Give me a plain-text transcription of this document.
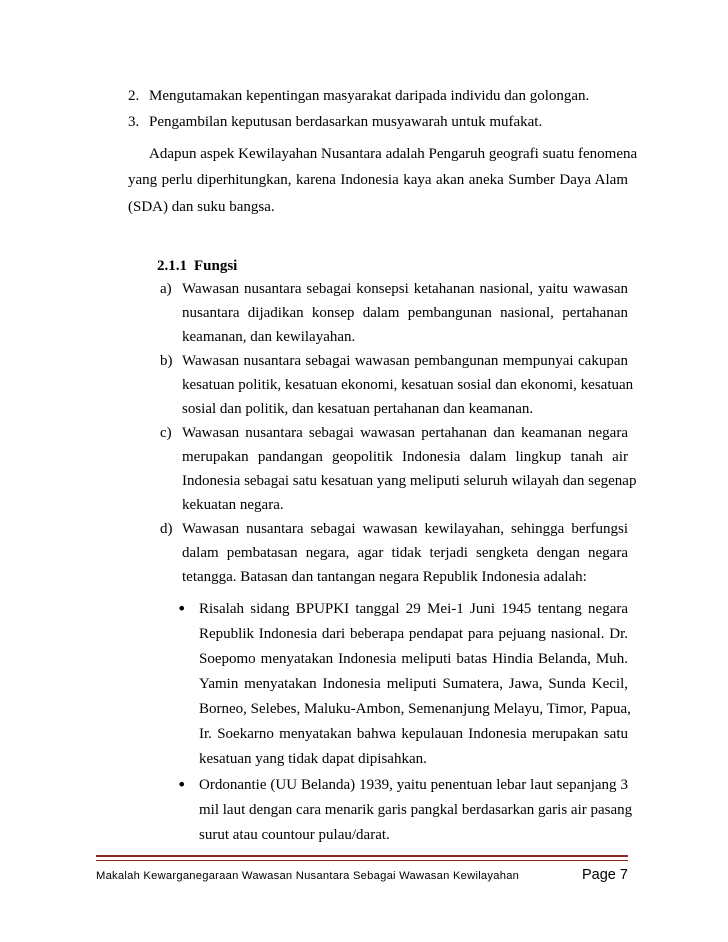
2. Mengutamakan kepentingan masyarakat daripada individu dan golongan.
3. Pengambilan keputusan berdasarkan musyawarah untuk mufakat.
Adapun aspek Kewilayahan Nusantara adalah Pengaruh geografi suatu fenomena
yang perlu diperhitungkan, karena Indonesia kaya akan aneka Sumber Daya Alam
(SDA) dan suku bangsa.
2.1.1 Fungsi
a) Wawasan nusantara sebagai konsepsi ketahanan nasional, yaitu wawasan
nusantara dijadikan konsep dalam pembangunan nasional, pertahanan
keamanan, dan kewilayahan.
b) Wawasan nusantara sebagai wawasan pembangunan mempunyai cakupan
kesatuan politik, kesatuan ekonomi, kesatuan sosial dan ekonomi, kesatuan
sosial dan politik, dan kesatuan pertahanan dan keamanan.
c) Wawasan nusantara sebagai wawasan pertahanan dan keamanan negara
merupakan pandangan geopolitik Indonesia dalam lingkup tanah air
Indonesia sebagai satu kesatuan yang meliputi seluruh wilayah dan segenap
kekuatan negara.
d) Wawasan nusantara sebagai wawasan kewilayahan, sehingga berfungsi
dalam pembatasan negara, agar tidak terjadi sengketa dengan negara
tetangga. Batasan dan tantangan negara Republik Indonesia adalah:
• Risalah sidang BPUPKI tanggal 29 Mei-1 Juni 1945 tentang negara
Republik Indonesia dari beberapa pendapat para pejuang nasional. Dr.
Soepomo menyatakan Indonesia meliputi batas Hindia Belanda, Muh.
Yamin menyatakan Indonesia meliputi Sumatera, Jawa, Sunda Kecil,
Borneo, Selebes, Maluku-Ambon, Semenanjung Melayu, Timor, Papua,
Ir. Soekarno menyatakan bahwa kepulauan Indonesia merupakan satu
kesatuan yang tidak dapat dipisahkan.
• Ordonantie (UU Belanda) 1939, yaitu penentuan lebar laut sepanjang 3
mil laut dengan cara menarik garis pangkal berdasarkan garis air pasang
surut atau countour pulau/darat.
Makalah Kewarganegaraan Wawasan Nusantara Sebagai Wawasan Kewilayahan	Page 7
